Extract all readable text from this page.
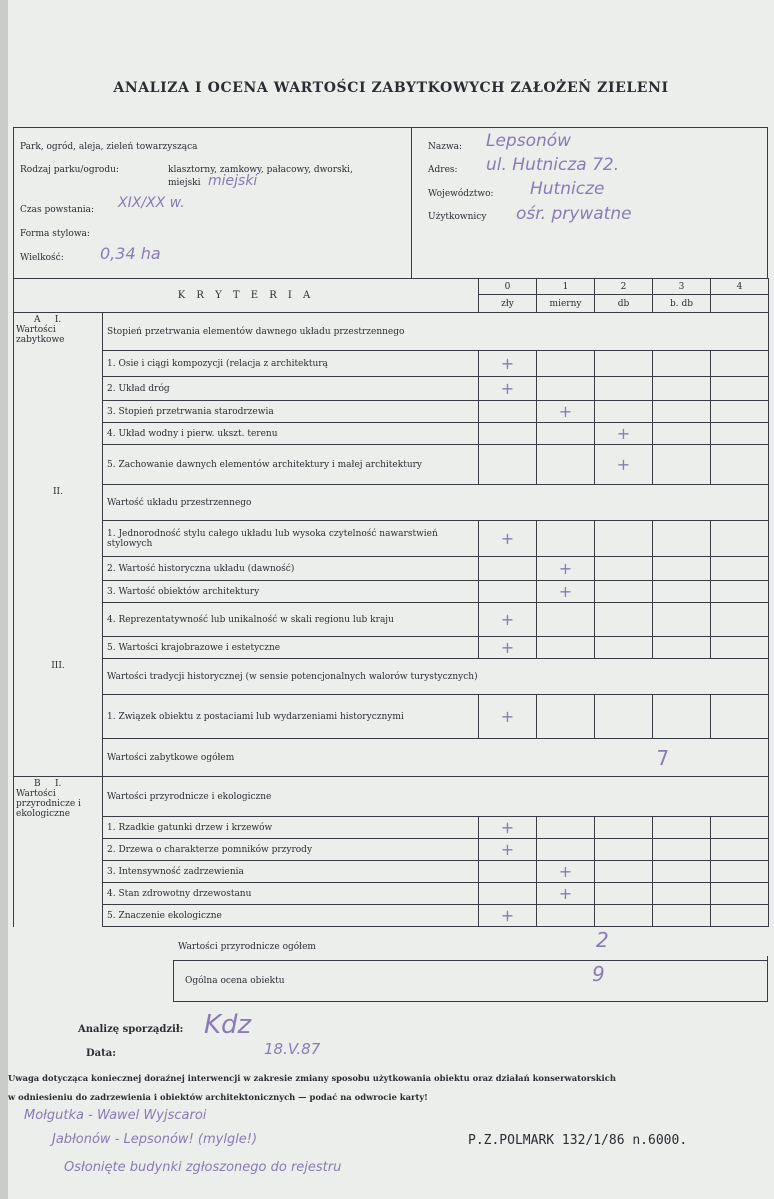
ANALIZA I OCENA WARTOŚCI ZABYTKOWYCH ZAŁOŻEŃ ZIELENI
Park, ogród, aleja, zieleń towarzysząca
Rodzaj parku/ogrodu:	klasztorny, zamkowy, pałacowy, dworski,
miejski miejski
Czas powstania: XIX/XX w.
Forma stylowa:
Wielkość: 0,34 ha
Nazwa: Lepsonów
Adres: ul. Hutnicza 72.
Województwo: Hutnicze
Użytkownicy ośr. prywatne
K R Y T E R I A		0	1	2	3	4
		zły	mierny	db	b. db	

A I.
Wartości zabytkowe	Stopień przetrwania elementów dawnego układu przestrzennego					
	1. Osie i ciągi kompozycji (relacja z architekturą	+				
	2. Układ dróg	+				
	3. Stopień przetrwania starodrzewia		+			
	4. Układ wodny i pierw. ukszt. terenu			+		
	5. Zachowanie dawnych elementów architektury i małej architektury			+		
II.	Wartość układu przestrzennego					
	1. Jednorodność stylu całego układu lub wysoka czytelność nawarstwień stylowych	+				
	2. Wartość historyczna układu (dawność)		+			
	3. Wartość obiektów architektury		+			
	4. Reprezentatywność lub unikalność w skali regionu lub kraju	+				
	5. Wartości krajobrazowe i estetyczne	+				
III.	Wartości tradycji historycznej (w sensie potencjonalnych walorów turystycznych)					
	1. Związek obiektu z postaciami lub wydarzeniami historycznymi	+				
	Wartości zabytkowe ogółem				7	

B I.
Wartości przyrodnicze i ekologiczne	Wartości przyrodnicze i ekologiczne					
	1. Rzadkie gatunki drzew i krzewów	+				
	2. Drzewa o charakterze pomników przyrody	+				
	3. Intensywność zadrzewienia		+			
	4. Stan zdrowotny drzewostanu		+			
	5. Znaczenie ekologiczne	+				
Wartości przyrodnicze ogółem	2
Ogólna ocena obiektu	9
Analizę sporządził: Kdz
Data:	18.V.87
Uwaga dotycząca koniecznej doraźnej interwencji w zakresie zmiany sposobu użytkowania obiektu oraz działań konserwatorskich
w odniesieniu do zadrzewienia i obiektów architektonicznych — podać na odwrocie karty!
Mołgutka - Wawel Wyjscaroi
Jabłonów - Lepsonów! (mylgle!)
Osłonięte budynki zgłoszonego do rejestru
P.Z.POLMARK 132/1/86 n.6000.
